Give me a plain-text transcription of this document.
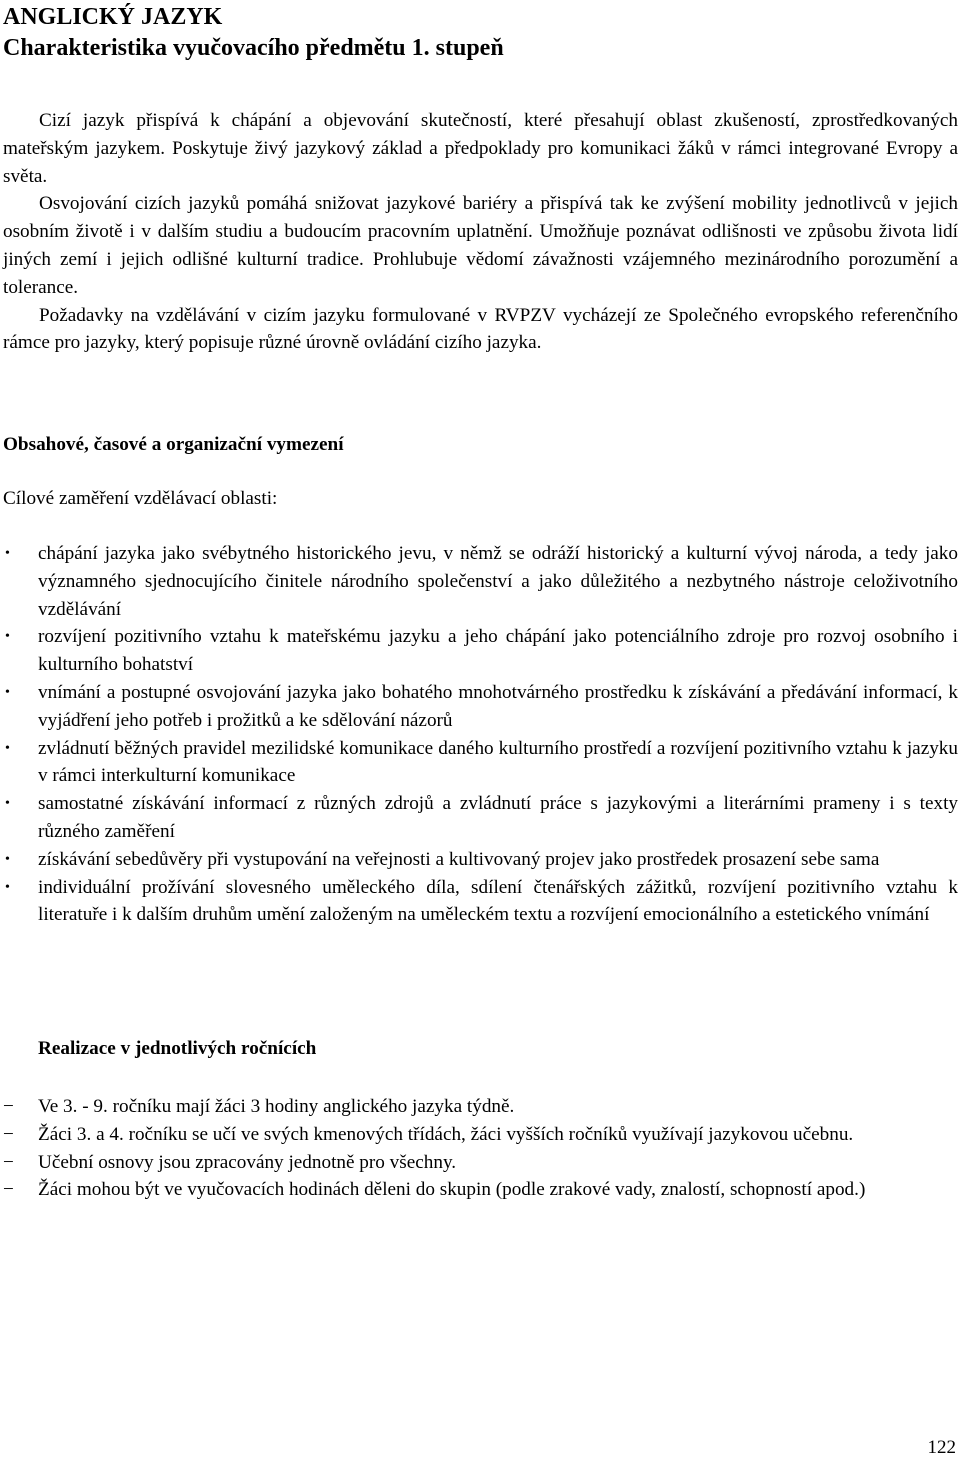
ANGLICKÝ JAZYK
Charakteristika vyučovacího předmětu 1. stupeň

Cizí jazyk přispívá k chápání a objevování skutečností, které přesahují oblast zkušeností, zprostředkovaných mateřským jazykem. Poskytuje živý jazykový základ a předpoklady pro komunikaci žáků v rámci integrované Evropy a světa.

Osvojování cizích jazyků pomáhá snižovat jazykové bariéry a přispívá tak ke zvýšení mobility jednotlivců v jejich osobním životě i v dalším studiu a budoucím pracovním uplatnění. Umožňuje poznávat odlišnosti ve způsobu života lidí jiných zemí i jejich odlišné kulturní tradice. Prohlubuje vědomí závažnosti vzájemného mezinárodního porozumění a tolerance.

Požadavky na vzdělávání v cizím jazyku formulované v RVPZV vycházejí ze Společného evropského referenčního rámce pro jazyky, který popisuje různé úrovně ovládání cizího jazyka.

Obsahové, časové a organizační vymezení
Cílové zaměření vzdělávací oblasti:
• chápání jazyka jako svébytného historického jevu, v němž se odráží historický a kulturní vývoj národa, a tedy jako významného sjednocujícího činitele národního společenství a jako důležitého a nezbytného nástroje celoživotního vzdělávání
• rozvíjení pozitivního vztahu k mateřskému jazyku a jeho chápání jako potenciálního zdroje pro rozvoj osobního i kulturního bohatství
• vnímání a postupné osvojování jazyka jako bohatého mnohotvárného prostředku k získávání a předávání informací, k vyjádření jeho potřeb i prožitků a ke sdělování názorů
• zvládnutí běžných pravidel mezilidské komunikace daného kulturního prostředí a rozvíjení pozitivního vztahu k jazyku v rámci interkulturní komunikace
• samostatné získávání informací z různých zdrojů a zvládnutí práce s jazykovými a literárními prameny i s texty různého zaměření
• získávání sebedůvěry při vystupování na veřejnosti a kultivovaný projev jako prostředek prosazení sebe sama
• individuální prožívání slovesného uměleckého díla, sdílení čtenářských zážitků, rozvíjení pozitivního vztahu k literatuře i k dalším druhům umění založeným na uměleckém textu a rozvíjení emocionálního a estetického vnímání
Realizace v jednotlivých ročnících
− Ve 3. - 9. ročníku mají žáci 3 hodiny anglického jazyka týdně.
− Žáci 3. a 4. ročníku se učí ve svých kmenových třídách, žáci vyšších ročníků využívají jazykovou učebnu.
− Učební osnovy jsou zpracovány jednotně pro všechny.
− Žáci mohou být ve vyučovacích hodinách děleni do skupin (podle zrakové vady, znalostí, schopností apod.)
122
